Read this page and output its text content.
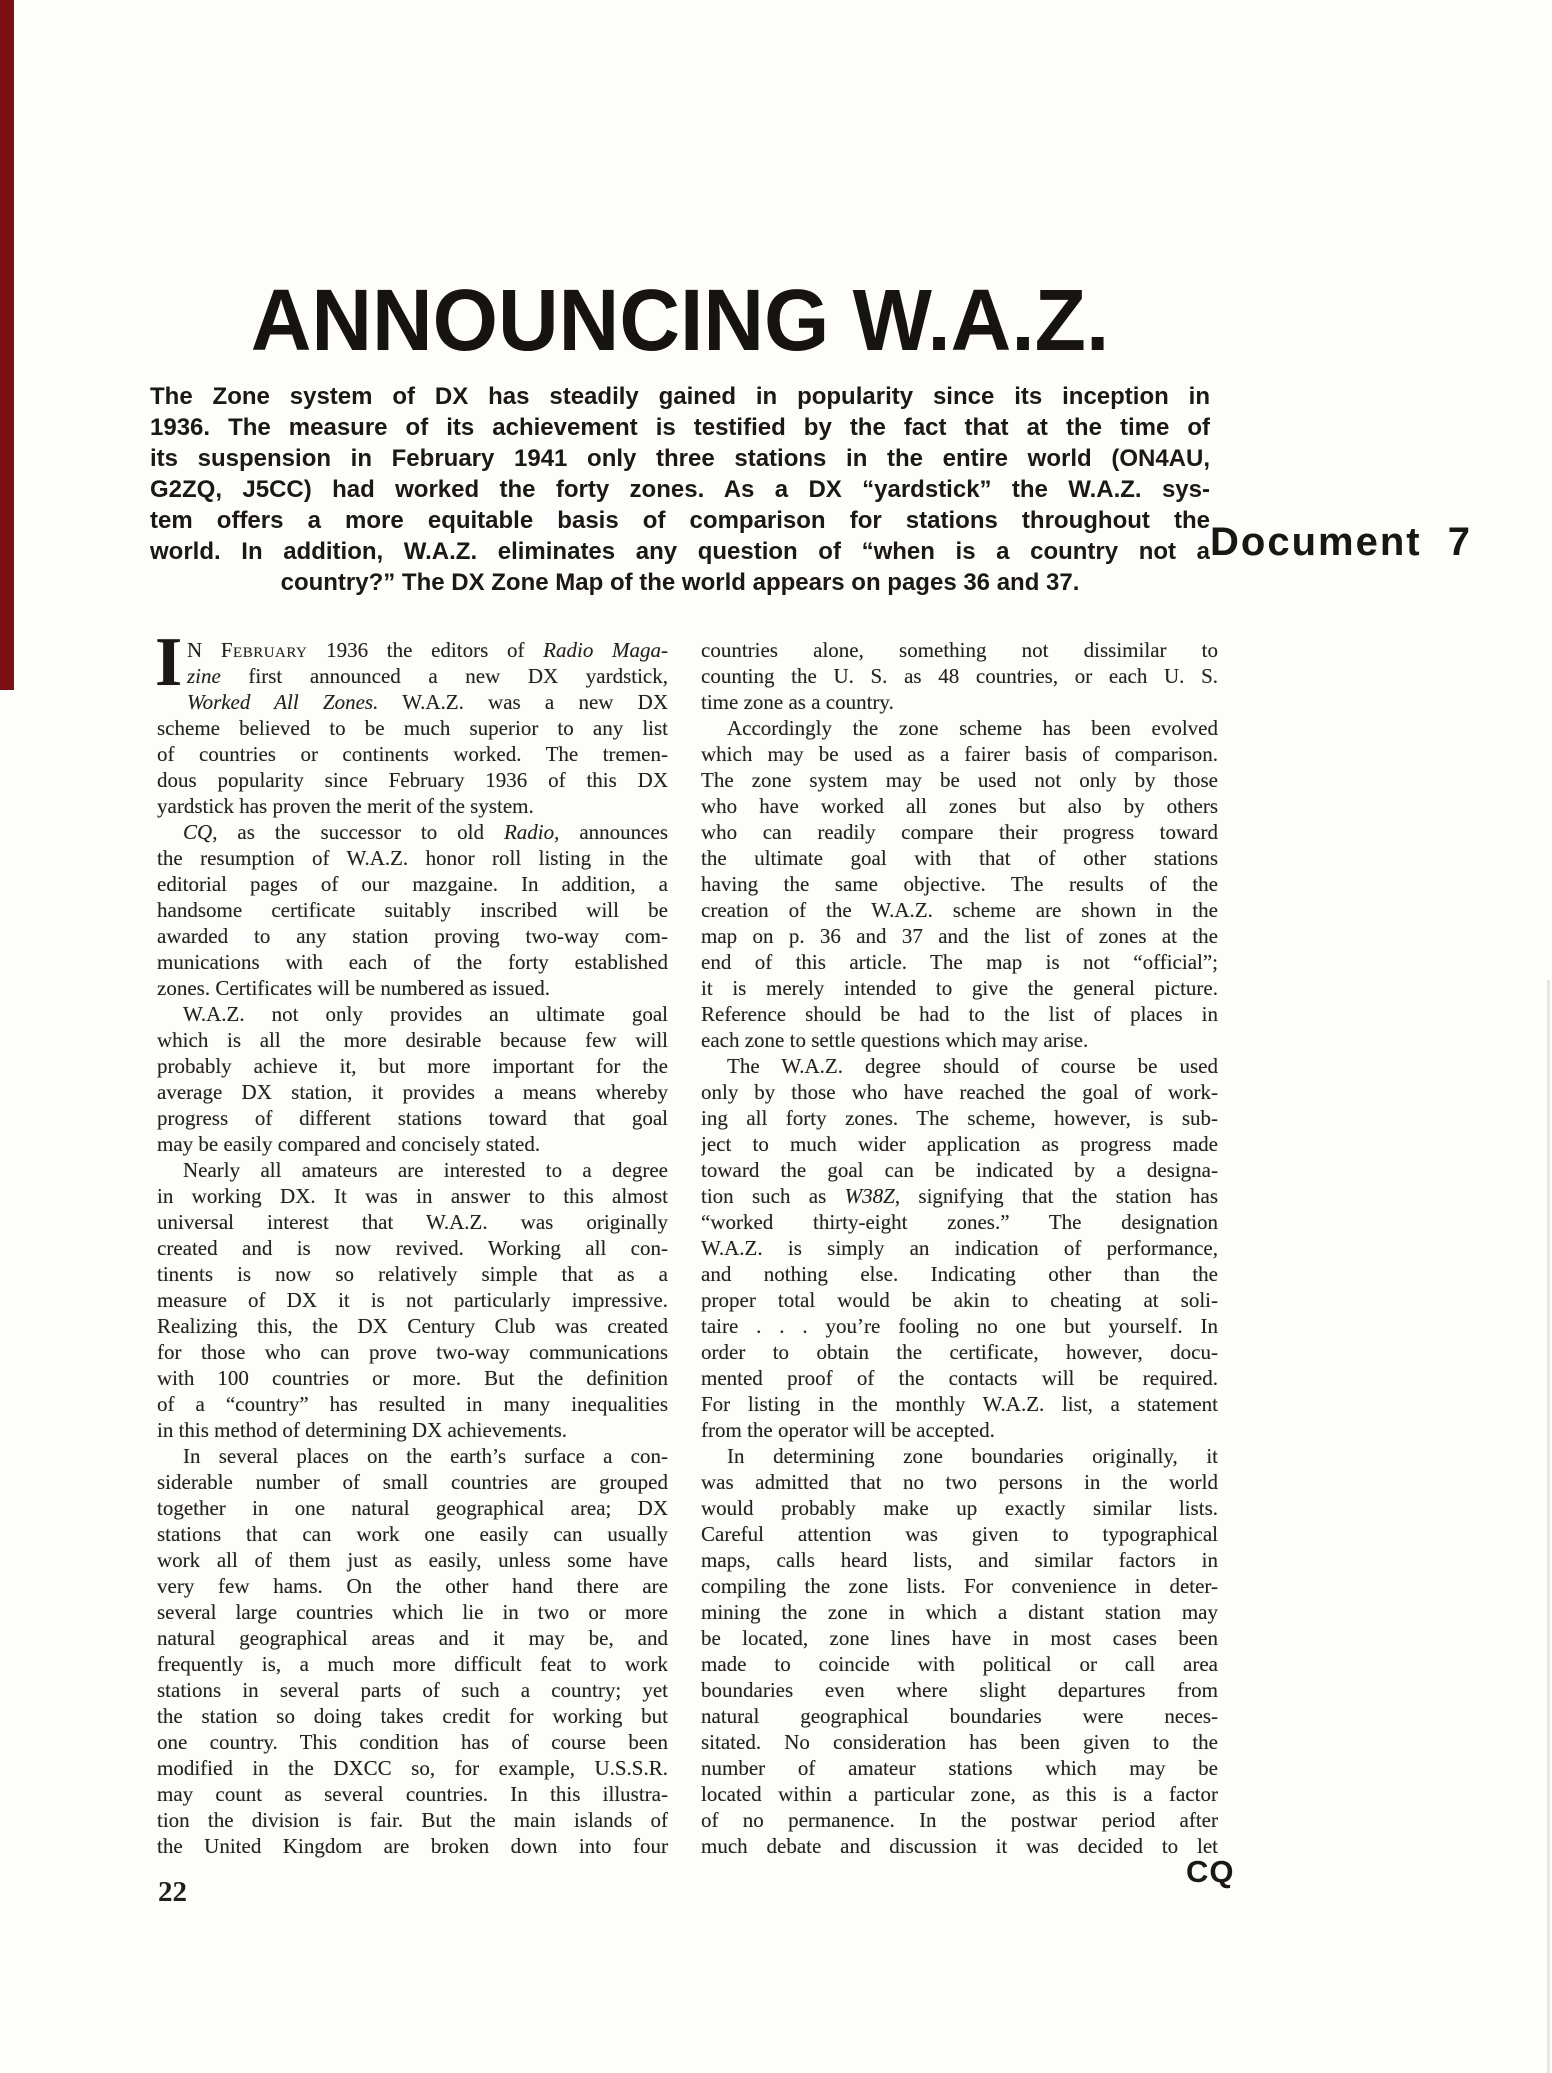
Document  7
ANNOUNCING W.A.Z.
The Zone system of DX has steadily gained in popularity since its inception in
1936. The measure of its achievement is testified by the fact that at the time of
its suspension in February 1941 only three stations in the entire world (ON4AU,
G2ZQ, J5CC) had worked the forty zones. As a DX “yardstick” the W.A.Z. sys-
tem offers a more equitable basis of comparison for stations throughout the
world. In addition, W.A.Z. eliminates any question of “when is a country not a
country?” The DX Zone Map of the world appears on pages 36 and 37.
I N February 1936 the editors of Radio Maga-
zine first announced a new DX yardstick,
Worked All Zones. W.A.Z. was a new DX
scheme believed to be much superior to any list
of countries or continents worked. The tremen-
dous popularity since February 1936 of this DX
yardstick has proven the merit of the system.
CQ, as the successor to old Radio, announces
the resumption of W.A.Z. honor roll listing in the
editorial pages of our mazgaine. In addition, a
handsome certificate suitably inscribed will be
awarded to any station proving two-way com-
munications with each of the forty established
zones. Certificates will be numbered as issued.
W.A.Z. not only provides an ultimate goal
which is all the more desirable because few will
probably achieve it, but more important for the
average DX station, it provides a means whereby
progress of different stations toward that goal
may be easily compared and concisely stated.
Nearly all amateurs are interested to a degree
in working DX. It was in answer to this almost
universal interest that W.A.Z. was originally
created and is now revived. Working all con-
tinents is now so relatively simple that as a
measure of DX it is not particularly impressive.
Realizing this, the DX Century Club was created
for those who can prove two-way communications
with 100 countries or more. But the definition
of a “country” has resulted in many inequalities
in this method of determining DX achievements.
In several places on the earth’s surface a con-
siderable number of small countries are grouped
together in one natural geographical area; DX
stations that can work one easily can usually
work all of them just as easily, unless some have
very few hams. On the other hand there are
several large countries which lie in two or more
natural geographical areas and it may be, and
frequently is, a much more difficult feat to work
stations in several parts of such a country; yet
the station so doing takes credit for working but
one country. This condition has of course been
modified in the DXCC so, for example, U.S.S.R.
may count as several countries. In this illustra-
tion the division is fair. But the main islands of
the United Kingdom are broken down into four
countries alone, something not dissimilar to
counting the U. S. as 48 countries, or each U. S.
time zone as a country.
Accordingly the zone scheme has been evolved
which may be used as a fairer basis of comparison.
The zone system may be used not only by those
who have worked all zones but also by others
who can readily compare their progress toward
the ultimate goal with that of other stations
having the same objective. The results of the
creation of the W.A.Z. scheme are shown in the
map on p. 36 and 37 and the list of zones at the
end of this article. The map is not “official”;
it is merely intended to give the general picture.
Reference should be had to the list of places in
each zone to settle questions which may arise.
The W.A.Z. degree should of course be used
only by those who have reached the goal of work-
ing all forty zones. The scheme, however, is sub-
ject to much wider application as progress made
toward the goal can be indicated by a designa-
tion such as W38Z, signifying that the station has
“worked thirty-eight zones.” The designation
W.A.Z. is simply an indication of performance,
and nothing else. Indicating other than the
proper total would be akin to cheating at soli-
taire . . . you’re fooling no one but yourself. In
order to obtain the certificate, however, docu-
mented proof of the contacts will be required.
For listing in the monthly W.A.Z. list, a statement
from the operator will be accepted.
In determining zone boundaries originally, it
was admitted that no two persons in the world
would probably make up exactly similar lists.
Careful attention was given to typographical
maps, calls heard lists, and similar factors in
compiling the zone lists. For convenience in deter-
mining the zone in which a distant station may
be located, zone lines have in most cases been
made to coincide with political or call area
boundaries even where slight departures from
natural geographical boundaries were neces-
sitated. No consideration has been given to the
number of amateur stations which may be
located within a particular zone, as this is a factor
of no permanence. In the postwar period after
much debate and discussion it was decided to let
22
CQ
